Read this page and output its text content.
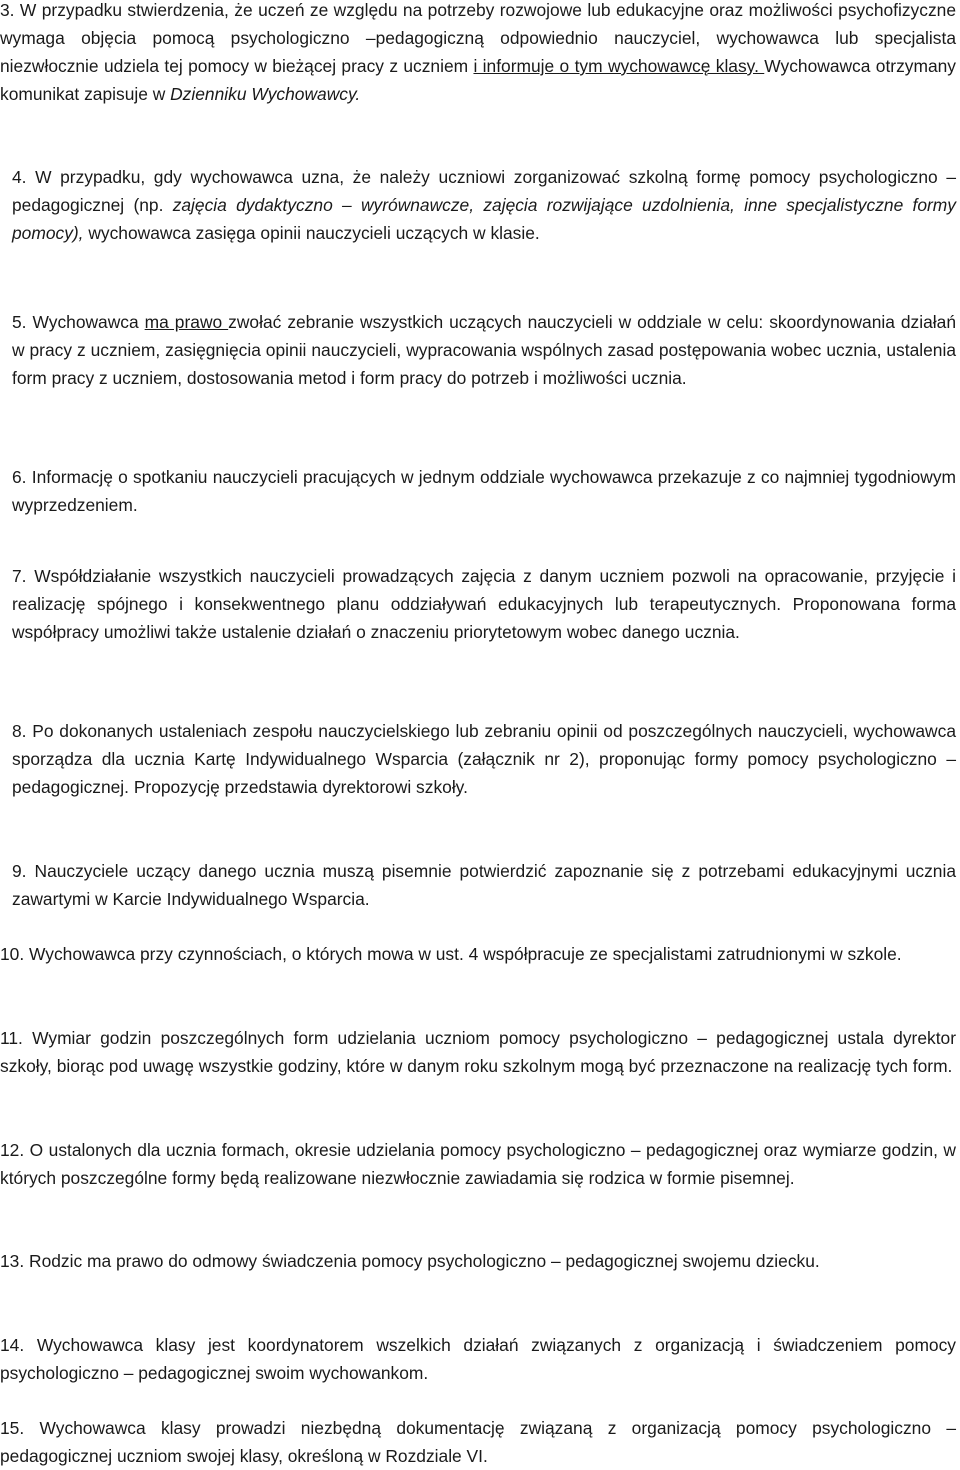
3. W przypadku stwierdzenia, że uczeń ze względu na potrzeby rozwojowe lub edukacyjne oraz możliwości psychofizyczne wymaga objęcia pomocą psychologiczno –pedagogiczną odpowiednio nauczyciel, wychowawca lub specjalista niezwłocznie udziela tej pomocy w bieżącej pracy z uczniem i informuje o tym wychowawcę klasy. Wychowawca otrzymany komunikat zapisuje w Dzienniku Wychowawcy.

4. W przypadku, gdy wychowawca uzna, że należy uczniowi zorganizować szkolną formę pomocy psychologiczno – pedagogicznej (np. zajęcia dydaktyczno – wyrównawcze, zajęcia rozwijające uzdolnienia, inne specjalistyczne formy pomocy), wychowawca zasięga opinii nauczycieli uczących w klasie.

5. Wychowawca ma prawo zwołać zebranie wszystkich uczących nauczycieli w oddziale w celu: skoordynowania działań w pracy z uczniem, zasięgnięcia opinii nauczycieli, wypracowania wspólnych zasad postępowania wobec ucznia, ustalenia form pracy z uczniem, dostosowania metod i form pracy do potrzeb i możliwości ucznia.

6. Informację o spotkaniu nauczycieli pracujących w jednym oddziale wychowawca przekazuje z co najmniej tygodniowym wyprzedzeniem.

7. Współdziałanie wszystkich nauczycieli prowadzących zajęcia z danym uczniem pozwoli na opracowanie, przyjęcie i realizację spójnego i konsekwentnego planu oddziaływań edukacyjnych lub terapeutycznych. Proponowana forma współpracy umożliwi także ustalenie działań o znaczeniu priorytetowym wobec danego ucznia.

8. Po dokonanych ustaleniach zespołu nauczycielskiego lub zebraniu opinii od poszczególnych nauczycieli, wychowawca sporządza dla ucznia Kartę Indywidualnego Wsparcia (załącznik nr 2), proponując formy pomocy psychologiczno –pedagogicznej. Propozycję przedstawia dyrektorowi szkoły.

9. Nauczyciele uczący danego ucznia muszą pisemnie potwierdzić zapoznanie się z potrzebami edukacyjnymi ucznia zawartymi w Karcie Indywidualnego Wsparcia.

10. Wychowawca przy czynnościach, o których mowa w ust. 4 współpracuje ze specjalistami zatrudnionymi w szkole.

11. Wymiar godzin poszczególnych form udzielania uczniom pomocy psychologiczno – pedagogicznej ustala dyrektor szkoły, biorąc pod uwagę wszystkie godziny, które w danym roku szkolnym mogą być przeznaczone na realizację tych form.

12. O ustalonych dla ucznia formach, okresie udzielania pomocy psychologiczno – pedagogicznej oraz wymiarze godzin, w których poszczególne formy będą realizowane niezwłocznie zawiadamia się rodzica w formie pisemnej.

13. Rodzic ma prawo do odmowy świadczenia pomocy psychologiczno – pedagogicznej swojemu dziecku.

14. Wychowawca klasy jest koordynatorem wszelkich działań związanych z organizacją i świadczeniem pomocy psychologiczno – pedagogicznej swoim wychowankom.

15. Wychowawca klasy prowadzi niezbędną dokumentację związaną z organizacją pomocy psychologiczno – pedagogicznej uczniom swojej klasy, określoną w Rozdziale VI.
